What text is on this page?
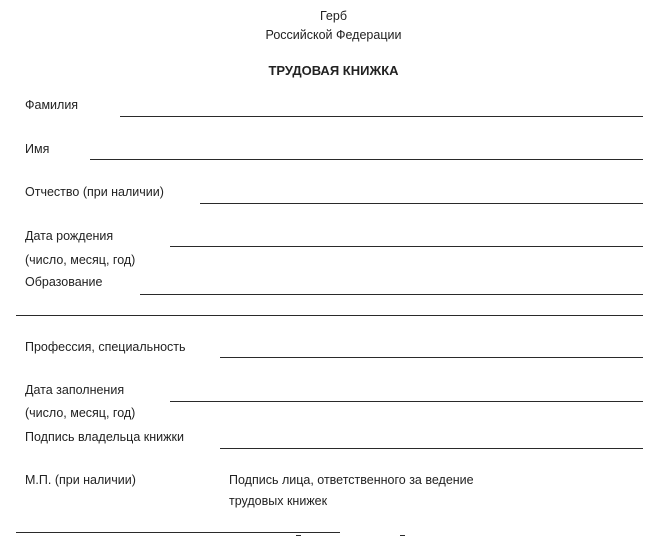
Герб
Российской Федерации
ТРУДОВАЯ КНИЖКА
Фамилия
Имя
Отчество (при наличии)
Дата рождения
(число, месяц, год)
Образование
Профессия, специальность
Дата заполнения
(число, месяц, год)
Подпись владельца книжки
М.П. (при наличии)	Подпись лица, ответственного за ведение
трудовых книжек
